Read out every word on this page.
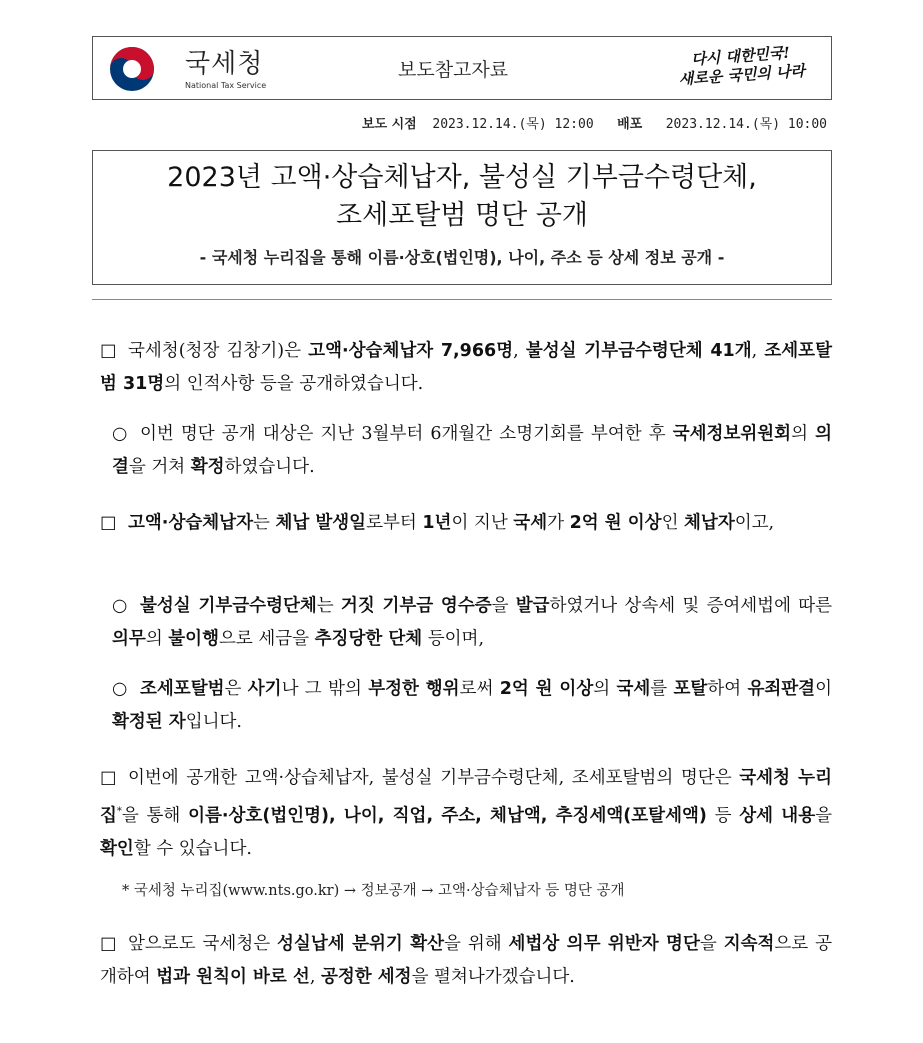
국세청
National Tax Service
보도참고자료
다시 대한민국!
새로운 국민의 나라
보도 시점 2023.12.14.(목) 12:00 배포 2023.12.14.(목) 10:00
2023년 고액·상습체납자, 불성실 기부금수령단체,
조세포탈범 명단 공개
- 국세청 누리집을 통해 이름·상호(법인명), 나이, 주소 등 상세 정보 공개 -
□ 국세청(청장 김창기)은 고액·상습체납자 7,966명, 불성실 기부금수령단체 41개, 조세포탈범 31명의 인적사항 등을 공개하였습니다.
○ 이번 명단 공개 대상은 지난 3월부터 6개월간 소명기회를 부여한 후 국세정보위원회의 의결을 거쳐 확정하였습니다.
□ 고액·상습체납자는 체납 발생일로부터 1년이 지난 국세가 2억 원 이상인 체납자이고,
○ 불성실 기부금수령단체는 거짓 기부금 영수증을 발급하였거나 상속세 및 증여세법에 따른 의무의 불이행으로 세금을 추징당한 단체 등이며,
○ 조세포탈범은 사기나 그 밖의 부정한 행위로써 2억 원 이상의 국세를 포탈하여 유죄판결이 확정된 자입니다.
□ 이번에 공개한 고액·상습체납자, 불성실 기부금수령단체, 조세포탈범의 명단은 국세청 누리집*을 통해 이름·상호(법인명), 나이, 직업, 주소, 체납액, 추징세액(포탈세액) 등 상세 내용을 확인할 수 있습니다.
* 국세청 누리집(www.nts.go.kr) → 정보공개 → 고액·상습체납자 등 명단 공개
□ 앞으로도 국세청은 성실납세 분위기 확산을 위해 세법상 의무 위반자 명단을 지속적으로 공개하여 법과 원칙이 바로 선, 공정한 세정을 펼쳐나가겠습니다.
